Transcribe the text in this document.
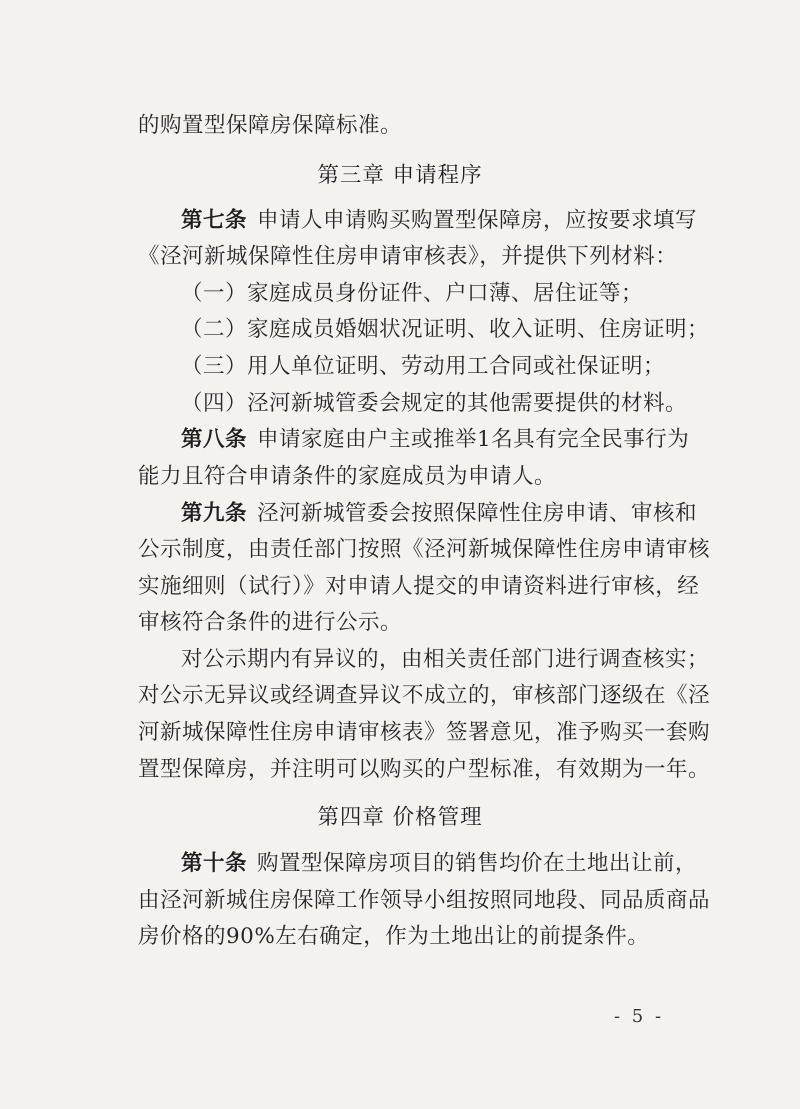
的购置型保障房保障标准。
第三章 申请程序
第七条 申请人申请购买购置型保障房，应按要求填写
《泾河新城保障性住房申请审核表》，并提供下列材料：
（一）家庭成员身份证件、户口薄、居住证等；
（二）家庭成员婚姻状况证明、收入证明、住房证明；
（三）用人单位证明、劳动用工合同或社保证明；
（四）泾河新城管委会规定的其他需要提供的材料。
第八条 申请家庭由户主或推举1名具有完全民事行为
能力且符合申请条件的家庭成员为申请人。
第九条 泾河新城管委会按照保障性住房申请、审核和
公示制度，由责任部门按照《泾河新城保障性住房申请审核
实施细则（试行）》对申请人提交的申请资料进行审核，经
审核符合条件的进行公示。
对公示期内有异议的，由相关责任部门进行调查核实；
对公示无异议或经调查异议不成立的，审核部门逐级在《泾
河新城保障性住房申请审核表》签署意见，准予购买一套购
置型保障房，并注明可以购买的户型标准，有效期为一年。
第四章 价格管理
第十条 购置型保障房项目的销售均价在土地出让前，
由泾河新城住房保障工作领导小组按照同地段、同品质商品
房价格的90%左右确定，作为土地出让的前提条件。
- 5 -
